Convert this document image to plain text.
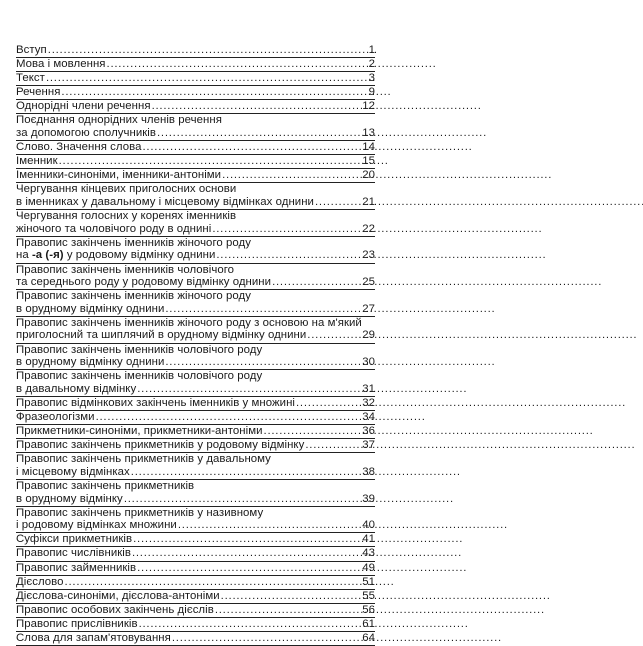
Вступ . . .	1
Мова і мовлення . . .	2
Текст . . .	3
Речення . . .	9
Однорідні члени речення . . .	12
Поєднання однорідних членів речення
за допомогою сполучників . . .	13
Слово. Значення слова . . .	14
Іменник . . .	15
Іменники-синоніми, іменники-антоніми . . .	20
Чергування кінцевих приголосних основи
в іменниках у давальному і місцевому відмінках однини . . .	21
Чергування голосних у коренях іменників
жіночого та чоловічого роду в однині . . .	22
Правопис закінчень іменників жіночого роду
на -а (-я) у родовому відмінку однини . . .	23
Правопис закінчень іменників чоловічого
та середнього роду у родовому відмінку однини . . .	25
Правопис закінчень іменників жіночого роду
в орудному відмінку однини . . .	27
Правопис закінчень іменників жіночого роду з основою на м'який
приголосний та шиплячий в орудному відмінку однини . . .	29
Правопис закінчень іменників чоловічого роду
в орудному відмінку однини . . .	30
Правопис закінчень іменників чоловічого роду
в давальному відмінку . . .	31
Правопис відмінкових закінчень іменників у множині . . .	32
Фразеологізми . . .	34
Прикметники-синоніми, прикметники-антоніми . . .	36
Правопис закінчень прикметників у родовому відмінку . . .	37
Правопис закінчень прикметників у давальному
і місцевому відмінках . . .	38
Правопис закінчень прикметників
в орудному відмінку . . .	39
Правопис закінчень прикметників у називному
і родовому відмінках множини . . .	40
Суфікси прикметників . . .	41
Правопис числівників . . .	43
Правопис займенників . . .	49
Дієслово . . .	51
Дієслова-синоніми, дієслова-антоніми . . .	55
Правопис особових закінчень дієслів . . .	56
Правопис прислівників . . .	61
Слова для запам'ятовування . . .	64
